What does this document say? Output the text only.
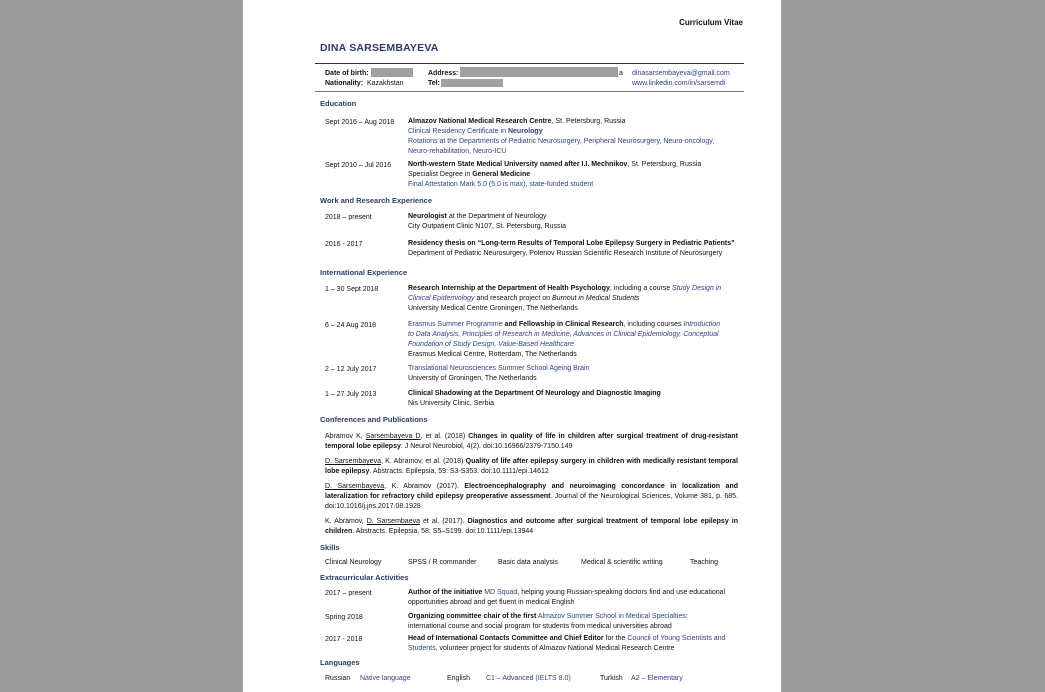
Curriculum Vitae
DINA SARSEMBAYEVA
Date of birth:
Nationality: Kazakhstan
Address:	a
Tel:
dinasarsembayeva@gmail.com
www.linkedin.com/in/sarsemdi
Education
Sept 2016 – Aug 2018 Almazov National Medical Research Centre, St. Petersburg, Russia
Clinical Residency Certificate in Neurology
Rotations at the Departments of Pediatric Neurosurgery, Peripheral Neurosurgery, Neuro-oncology,
Neuro-rehabilitation, Neuro-ICU
Sept 2010 – Jul 2016 North-western State Medical University named after I.I. Mechnikov, St. Petersburg, Russia
Specialist Degree in General Medicine
Final Attestation Mark 5.0 (5.0 is max), state-funded student
Work and Research Experience
2018 – present	Neurologist at the Department of Neurology
City Outpatient Clinic N107, St. Petersburg, Russia
2016 - 2017	Residency thesis on “Long-term Results of Temporal Lobe Epilepsy Surgery in Pediatric Patients”
Department of Pediatric Neurosurgery, Polenov Russian Scientific Research Institute of Neurosurgery
International Experience
1 – 30 Sept 2018	Research Internship at the Department of Health Psychology, including a course Study Design in
Clinical Epidemiology and research project on Burnout in Medical Students
University Medical Centre Groningen, The Netherlands
6 – 24 Aug 2018	Erasmus Summer Programme and Fellowship in Clinical Research, including courses Introduction
to Data Analysis, Principles of Research in Medicine, Advances in Clinical Epidemiology, Conceptual
Foundation of Study Design, Value-Based Healthcare
Erasmus Medical Centre, Rotterdam, The Netherlands
2 – 12 July 2017	Translational Neurosciences Summer School Ageing Brain
University of Groningen, The Netherlands
1 – 27 July 2013	Clinical Shadowing at the Department Of Neurology and Diagnostic Imaging
Nis University Clinic, Serbia
Conferences and Publications
Abramov K, Sarsembayeva D, et al. (2018) Changes in quality of life in children after surgical treatment of drug-resistant temporal lobe epilepsy. J Neurol Neurobiol, 4(2). doi:10.16966/2379-7150.149
D. Sarsembayeva, K. Abramov, et al. (2018) Quality of life after epilepsy surgery in children with medically resistant temporal lobe epilepsy. Abstracts. Epilepsia, 59: S3-S353. doi:10.1111/epi.14612
D. Sarsembayeva, K. Abramov (2017). Electroencephalography and neuroimaging concordance in localization and lateralization for refractory child epilepsy preoperative assessment. Journal of the Neurological Sciences, Volume 381, p. 685. doi:10.1016/j.jns.2017.08.1928
K. Abramov, D. Sarsembaeva et al. (2017). Diagnostics and outcome after surgical treatment of temporal lobe epilepsy in children. Abstracts. Epilepsia, 58: S5–S199. doi:10.1111/epi.13944
Skills
Clinical Neurology	SPSS / R commander	Basic data analysis	Medical & scientific writing	Teaching
Extracurricular Activities
2017 – present	Author of the initiative MD Squad, helping young Russian-speaking doctors find and use educational
opportunities abroad and get fluent in medical English
Spring 2018	Organizing committee chair of the first Almazov Summer School in Medical Specialties:
international course and social program for students from medical universities abroad
2017 - 2018	Head of International Contacts Committee and Chief Editor for the Council of Young Scientists and
Students, volunteer project for students of Almazov National Medical Research Centre
Languages
Russian Native language	English C1 – Advanced (IELTS 8.0)	Turkish A2 – Elementary
